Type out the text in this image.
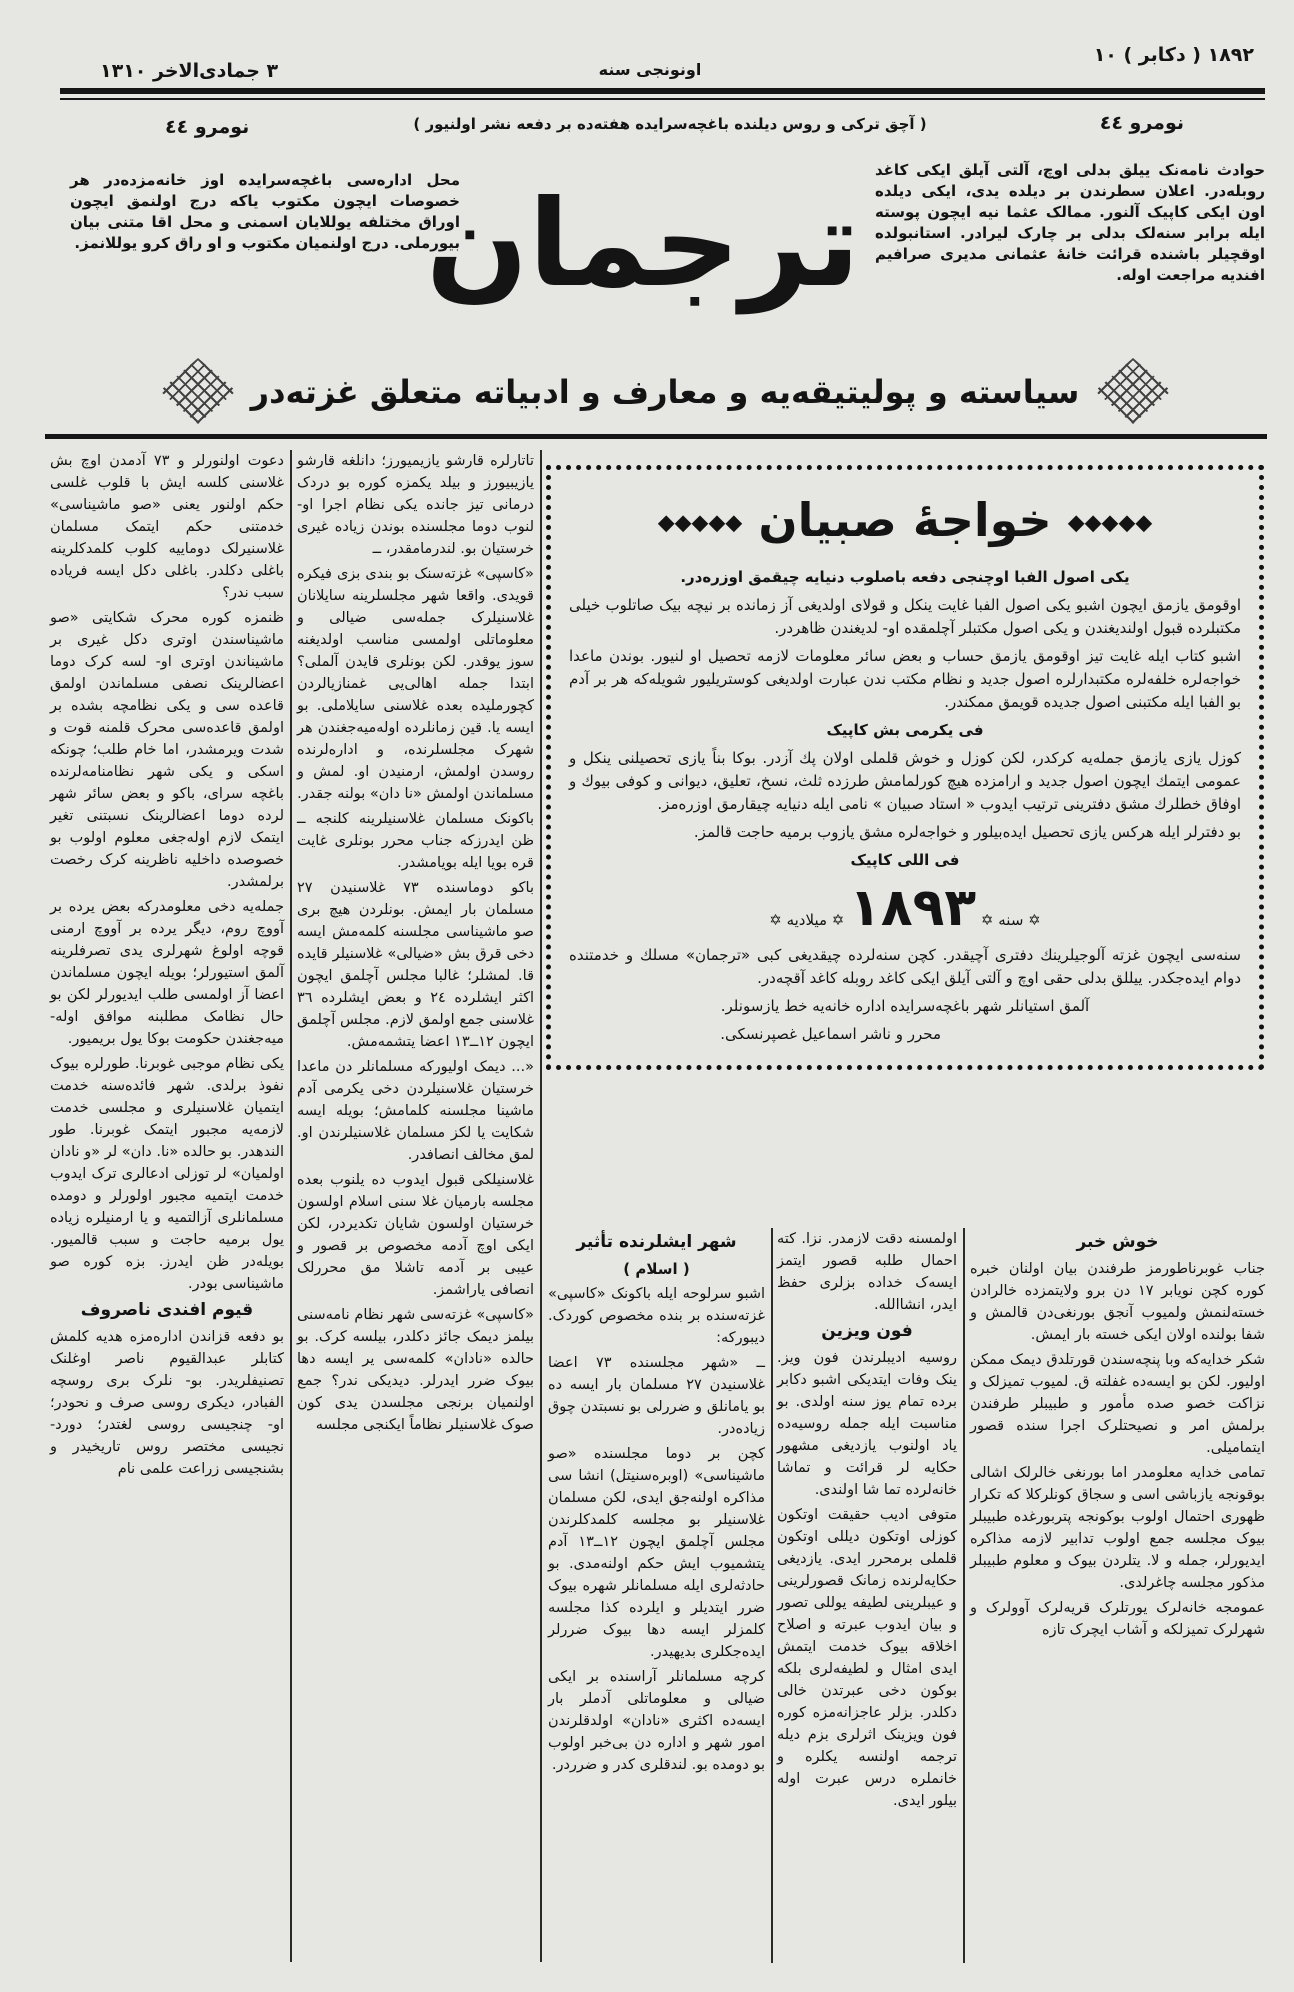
١٨٩٢ ( دکابر ) ١٠
اونونجی سنه
٣ جمادی‌الاخر ١٣١٠
نومرو ٤٤
( آچق ترکی و روس دیلنده باغچه‌سرایده هفته‌ده بر دفعه نشر اولنیور )
نومرو ٤٤
حوادث نامه‌نک ییلق بدلی اوچ، آلتی آیلق ایکی کاغد روبله‌در. اعلان سطرندن بر دیلده یدی، ایکی دیلده اون ایکی کاپیک آلنور. ممالک عثما نیه ایچون پوسته ایله برابر سنه‌لک بدلی بر چارک لیرادر. استانبولده اوقچیلر باشنده قرائت خانهٔ عثمانی مدیری صرافیم افندیه مراجعت اوله.
محل اداره‌سی باغچه‌سرایده اوز خانه‌مزده‌در هر خصوصات ایچون مکتوب یاکه درج اولنمق ایچون اوراق مختلفه یوللایان اسمنی و محل اقا متنی بیان بیورملی. درج اولنمیان مکتوب و او راق کرو یوللانمز.
ترجمان
سیاسته و پولیتیقه‌یه و معارف و ادبیاته متعلق غزته‌در

دعوت اولنورلر و ٧٣ آدمدن اوچ بش غلاسنی کلسه ایش با قلوب غلسی حکم اولنور یعنی «صو ماشیناسی» خدمتنی حکم ایتمک مسلمان غلاسنیرلک دوماییه کلوب کلمدکلرینه باغلی دکلدر. باغلی دکل ایسه فریاده سبب ندر؟

ظنمزه کوره محرک شکایتی «صو ماشیناسندن اوتری دکل غیری بر ماشیناندن اوتری او- لسه کرک دوما اعضالرینک نصفی مسلماندن اولمق قاعده سی و یکی نظامچه بشده بر اولمق قاعده‌سی محرک قلمنه قوت و شدت ویرمشدر، اما خام طلب؛ چونکه اسکی و یکی شهر نظامنامه‌لرنده باغچه سرای، باکو و بعض سائر شهر لرده دوما اعضالرینک نسبتنی تغیر ایتمک لازم اوله‌جغی معلوم اولوب بو خصوصده داخلیه ناظرینه کرک رخصت برلمشدر.

جمله‌یه دخی معلومدرکه بعض یرده بر آووچ روم، دیگر یرده بر آووچ ارمنی قوچه اولوغ شهرلری یدی تصرفلرینه آلمق استیورلر؛ بویله ایچون مسلماندن اعضا آز اولمسی طلب ایدیورلر لکن بو حال نظامک مطلبنه موافق اوله- میه‌جغندن حکومت بوکا یول بریمیور.

یکی نظام موجبی غوبرنا. طورلره بیوک نفوذ برلدی. شهر فائده‌سنه خدمت ایتمیان غلاسنیلری و مجلسی خدمت لازمه‌یه مجبور ایتمک غوبرنا. طور الندهدر. بو حالده «نا. دان» لر «و نادان اولمیان» لر توزلی ادعالری ترک ایدوب خدمت ایتمیه مجبور اولورلر و دومده مسلمانلری آزالتمیه و یا ارمنیلره زیاده یول برمیه حاجت و سبب قالمیور. بویله‌در ظن ایدرز. بزه کوره صو ماشیناسی بودر.

قیوم افندی ناصروف

بو دفعه قزاندن اداره‌مزه هدیه کلمش کتابلر عبدالقیوم ناصر اوغلنک تصنیفلریدر. بو- نلرک بری روسچه الفبادر، دیکری روسی صرف و نحودر؛ او- چنجیسی روسی لغتدر؛ دورد- نجیسی مختصر روس تاریخیدر و بشنجیسی زراعت علمی نام

تاتارلره قارشو یازیمیورز؛ دانلغه قارشو یازیبیورز و بیلد یکمزه کوره بو دردک درمانی تیز جانده یکی نظام اجرا او- لنوب دوما مجلسنده بوندن زیاده غیری خرستیان بو. لندرمامقدر، ــ

«کاسپی» غزته‌سنک بو بندی بزی فیکره قویدی. واقعا شهر مجلسلرینه سایلانان غلاسنیلرک جمله‌سی ضیالی و معلوماتلی اولمسی مناسب اولدیغنه سوز یوقدر. لکن بونلری قایدن آلملی؟ ابتدا جمله اهالی‌یی غمنازیالردن کچورملیده بعده غلاسنی سایلاملی. بو ایسه یا. قین زمانلرده اوله‌میه‌جغندن هر شهرک مجلسلرنده، و اداره‌لرنده روسدن اولمش، ارمنیدن او. لمش و مسلماندن اولمش «نا دان» بولنه جقدر.

باکونک مسلمان غلاسنیلرینه کلنجه ــ ظن ایدرزکه جناب محرر بونلری غایت قره بویا ایله بویامشدر.

باکو دوماسنده ٧٣ غلاسنیدن ٢٧ مسلمان بار ایمش. بونلردن هیچ بری صو ماشیناسی مجلسنه کلمه‌مش ایسه دخی قرق بش «ضیالی» غلاسنیلر قایده قا. لمشلر؛ غالبا مجلس آچلمق ایچون اکثر ایشلرده ٢٤ و بعض ایشلرده ٣٦ غلاسنی جمع اولمق لازم. مجلس آچلمق ایچون ١٢ــ١٣ اعضا یتشمه‌مش.

«... دیمک اولیورکه مسلمانلر دن ماعدا خرستیان غلاسنیلردن دخی یکرمی آدم ماشینا مجلسنه کلمامش؛ بویله ایسه شکایت یا لکز مسلمان غلاسنیلرندن او. لمق مخالف انصافدر.

غلاسنیلکی قبول ایدوب ده یلنوب بعده مجلسه بارمیان غلا سنی اسلام اولسون خرستیان اولسون شایان تکدیردر، لکن ایکی اوچ آدمه مخصوص بر قصور و عیبی بر آدمه تاشلا مق محررلک انصافی یاراشمز.

«کاسپی» غزته‌سی شهر نظام نامه‌سنی بیلمز دیمک جائز دکلدر، بیلسه کرک. بو حالده «نادان» کلمه‌سی یر ایسه دها بیوک ضرر ایدرلر. دیدیکی ندر؟ جمع اولنمیان برنجی مجلسدن یدی کون صوک غلاسنیلر نظاماً ایکنجی مجلسه

◆◆◆◆◆ خواجهٔ صبیان ◆◆◆◆◆

یکی اصول الفبا اوچنجی دفعه باصلوب دنیایه چیقمق اوزره‌در.

اوقومق یازمق ایچون اشبو یکی اصول الفبا غایت ینکل و قولای اولدیغی آز زمانده بر نیچه بیک صاتلوب خیلی مکتبلرده قبول اولندیغندن و یکی اصول مکتبلر آچلمقده او- لدیغندن ظاهردر.

اشبو کتاب ایله غایت تیز اوقومق یازمق حساب و بعض سائر معلومات لازمه تحصیل او لنیور. بوندن ماعدا خواجه‌لره خلفه‌لره مکتبدارلره اصول جدید و نظام مکتب ندن عبارت اولدیغی کوستریلیور شویله‌که هر بر آدم بو الفبا ایله مکتبنی اصول جدیده قویمق ممکندر.

فی یکرمی بش کاپیک

کوزل یازی یازمق جمله‌یه کرکدر، لکن کوزل و خوش قلملی اولان پك آزدر. بوکا بناً یازی تحصیلنی ینکل و عمومی ایتمك ایچون اصول جدید و ارامزده هیچ کورلمامش طرزده ثلث، نسخ، تعلیق، دیوانی و کوفی بیوك و اوفاق خطلرك مشق دفترینی ترتیب ایدوب « استاد صبیان » نامی ایله دنیایه چیقارمق اوزره‌مز.

بو دفترلر ایله هرکس یازی تحصیل ایده‌بیلور و خواجه‌لره مشق یازوب برمیه حاجت قالمز.

فی اللی کاپیک

✡ سنه ✡ ١٨٩٣ ✡ میلادیه ✡

سنه‌سی ایچون غزته آلوجیلرینك دفتری آچیقدر. کچن سنه‌لرده چیقدیغی کبی «ترجمان» مسلك و خدمتنده دوام ایده‌جکدر. ییللق بدلی حقی اوچ و آلتی آیلق ایکی کاغد روبله کاغد آقچه‌در.

آلمق استیانلر شهر باغچه‌سرایده اداره خانه‌یه خط یازسونلر.

محرر و ناشر اسماعیل غصپرنسکی.

خوش خبر

جناب غوبرناطورمز طرفندن بیان اولنان خبره کوره کچن نویابر ١٧ دن برو ولایتمزده خالرادن خسته‌لنمش ولمیوب آنجق بورنغی‌دن قالمش و شفا بولنده اولان ایکی خسته بار ایمش.

شکر خدایه‌که وبا پنچه‌سندن قورتلدق دیمک ممکن اولیور. لکن بو ایسه‌ده غفلته ق. لمیوب تمیزلک و نزاکت خصو صده مأمور و طبیبلر طرفندن برلمش امر و نصیحتلرک اجرا سنده قصور ایتمامیلی.

تمامی خدایه معلومدر اما بورنغی خالرلک اشالی بوقونجه یازباشی اسی و سجاق کونلرکلا که تکرار ظهوری احتمال اولوب بوکونجه پتربورغده طبیبلر بیوک مجلسه جمع اولوب تدابیر لازمه مذاکره ایدیورلر، جمله و لا. یتلردن بیوک و معلوم طبیبلر مذکور مجلسه چاغرلدی.

عمومجه خانه‌لرک یورتلرک قریه‌لرک آوولرک و شهرلرک تمیزلکه و آشاب ایچرک تازه

اولمسنه دقت لازمدر. نزا. کته احمال طلبه قصور ایتمز ایسه‌ک خداده بزلری حفظ ایدر، انشاالله.

فون ویزین

روسیه ادیبلرندن فون ویز. ینک وفات ایتدیکی اشبو دکابر برده تمام یوز سنه اولدی. بو مناسبت ایله جمله روسیه‌ده یاد اولنوب یازدیغی مشهور حکایه لر قرائت و تماشا خانه‌لرده تما شا اولندی.

متوفی ادیب حقیقت اوتکون کوزلی اوتکون دیللی اوتکون قلملی برمحرر ایدی. یازدیغی حکایه‌لرنده زمانک قصورلرینی و عیبلرینی لطیفه یوللی تصور و بیان ایدوب عبرته و اصلاح اخلاقه بیوک خدمت ایتمش ایدی امثال و لطیفه‌لری بلکه بوکون دخی عبرتدن خالی دکلدر. بزلر عاجزانه‌مزه کوره فون ویزینک اثرلری بزم دیله ترجمه اولنسه یکلره و خانملره درس عبرت اوله بیلور ایدی.

شهر ایشلرنده تأثیر
( اسلام )

اشبو سرلوحه ایله باکونک «کاسپی» غزته‌سنده بر بنده مخصوص کوردک. دیبورکه:

ــ «شهر مجلسنده ٧٣ اعضا غلاسنیدن ٢٧ مسلمان بار ایسه ده بو یامانلق و ضررلی بو نسبتدن چوق زیاده‌در.

کچن بر دوما مجلسنده «صو ماشیناسی» (اوبره‌سنیتل) انشا سی مذاکره اولنه‌جق ایدی، لکن مسلمان غلاسنیلر بو مجلسه کلمدکلرندن مجلس آچلمق ایچون ١٢ــ١٣ آدم یتشمیوب ایش حکم اولنه‌مدی. بو حادثه‌لری ایله مسلمانلر شهره بیوک ضرر ایتدیلر و ایلرده کذا مجلسه کلمزلر ایسه دها بیوک ضررلر ایده‌جکلری بدیهیدر.

کرچه مسلمانلر آراسنده بر ایکی ضیالی و معلوماتلی آدملر بار ایسه‌ده اکثری «نادان» اولدقلرندن امور شهر و اداره دن بی‌خبر اولوب بو دومده بو. لندقلری کدر و ضرردر.
